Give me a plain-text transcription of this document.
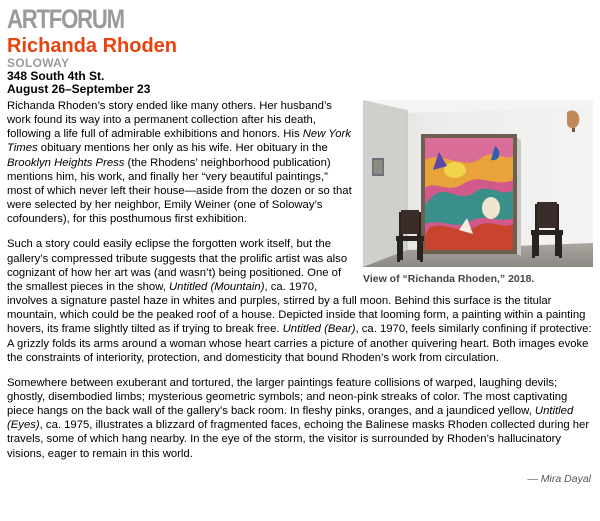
ARTFORUM
Richanda Rhoden
SOLOWAY
348 South 4th St.
August 26–September 23
View of “Richanda Rhoden,” 2018.

Richanda Rhoden’s story ended like many others. Her husband’s work found its way into a permanent collection after his death, following a life full of admirable exhibitions and honors. His New York Times obituary mentions her only as his wife. Her obituary in the Brooklyn Heights Press (the Rhodens’ neighborhood publication) mentions him, his work, and finally her “very beautiful paintings,” most of which never left their house—aside from the dozen or so that were selected by her neighbor, Emily Weiner (one of Soloway’s cofounders), for this posthumous first exhibition.

Such a story could easily eclipse the forgotten work itself, but the gallery’s compressed tribute suggests that the prolific artist was also cognizant of how her art was (and wasn’t) being positioned. One of the smallest pieces in the show, Untitled (Mountain), ca. 1970, involves a signature pastel haze in whites and purples, stirred by a full moon. Behind this surface is the titular mountain, which could be the peaked roof of a house. Depicted inside that looming form, a painting within a painting hovers, its frame slightly tilted as if trying to break free. Untitled (Bear), ca. 1970, feels similarly confining if protective: A grizzly folds its arms around a woman whose heart carries a picture of another quivering heart. Both images evoke the constraints of interiority, protection, and domesticity that bound Rhoden’s work from circulation.

Somewhere between exuberant and tortured, the larger paintings feature collisions of warped, laughing devils; ghostly, disembodied limbs; mysterious geometric symbols; and neon-pink streaks of color. The most captivating piece hangs on the back wall of the gallery’s back room. In fleshy pinks, oranges, and a jaundiced yellow, Untitled (Eyes), ca. 1975, illustrates a blizzard of fragmented faces, echoing the Balinese masks Rhoden collected during her travels, some of which hang nearby. In the eye of the storm, the visitor is surrounded by Rhoden’s hallucinatory visions, eager to remain in this world.

— Mira Dayal
